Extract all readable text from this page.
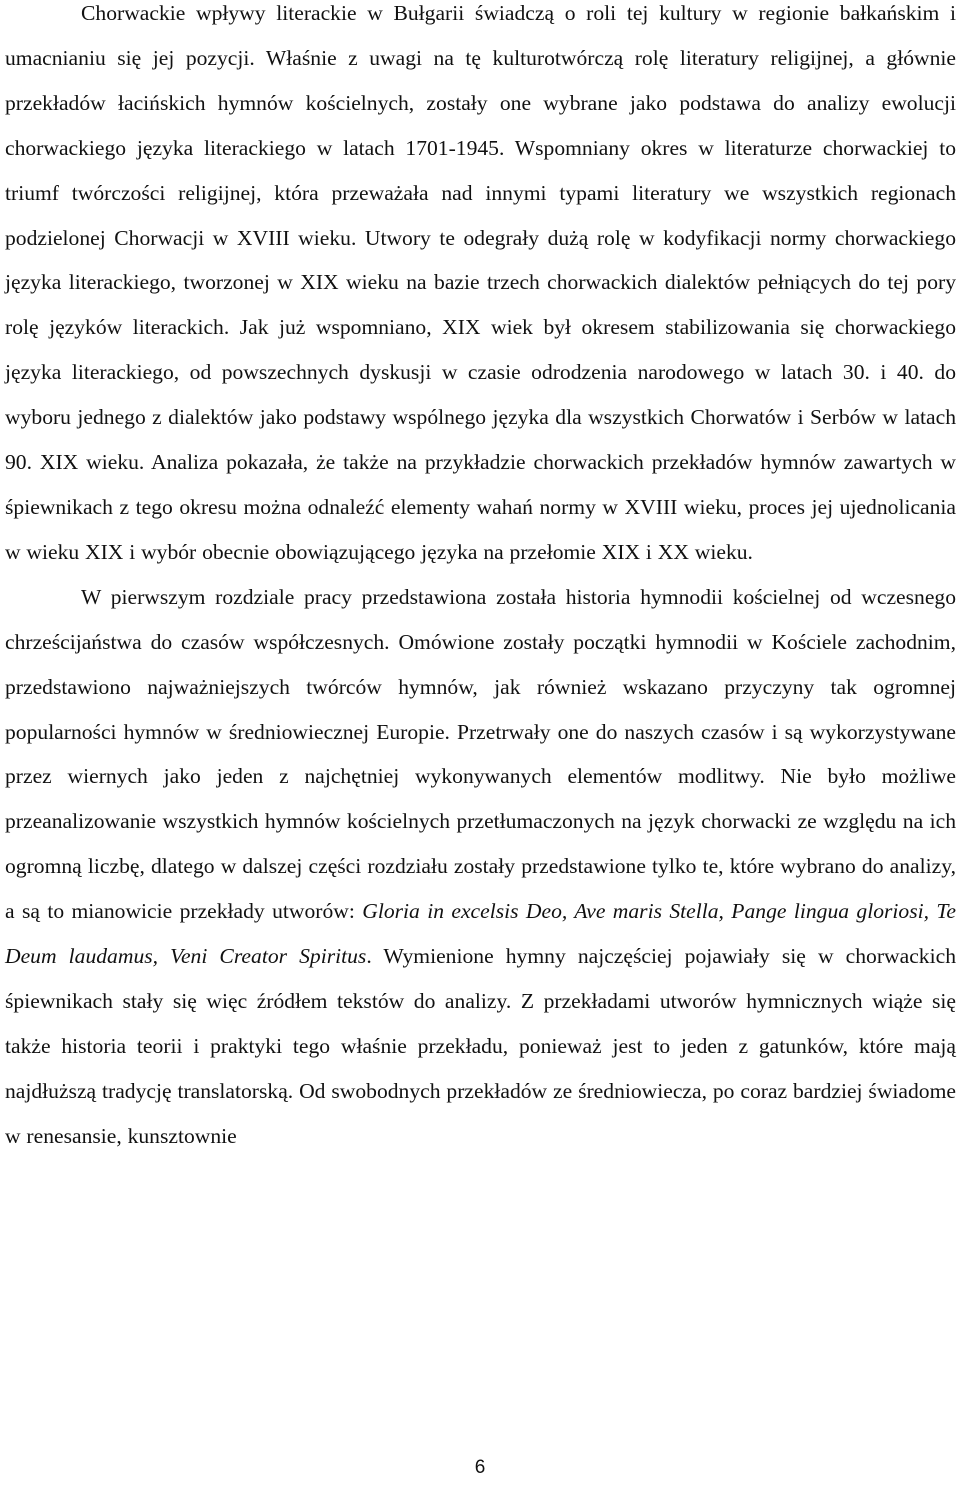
Chorwackie wpływy literackie w Bułgarii świadczą o roli tej kultury w regionie bałkańskim i umacnianiu się jej pozycji. Właśnie z uwagi na tę kulturotwórczą rolę literatury religijnej, a głównie przekładów łacińskich hymnów kościelnych, zostały one wybrane jako podstawa do analizy ewolucji chorwackiego języka literackiego w latach 1701-1945. Wspomniany okres w literaturze chorwackiej to triumf twórczości religijnej, która przeważała nad innymi typami literatury we wszystkich regionach podzielonej Chorwacji w XVIII wieku. Utwory te odegrały dużą rolę w kodyfikacji normy chorwackiego języka literackiego, tworzonej w XIX wieku na bazie trzech chorwackich dialektów pełniących do tej pory rolę języków literackich. Jak już wspomniano, XIX wiek był okresem stabilizowania się chorwackiego języka literackiego, od powszechnych dyskusji w czasie odrodzenia narodowego w latach 30. i 40. do wyboru jednego z dialektów jako podstawy wspólnego języka dla wszystkich Chorwatów i Serbów w latach 90. XIX wieku. Analiza pokazała, że także na przykładzie chorwackich przekładów hymnów zawartych w śpiewnikach z tego okresu można odnaleźć elementy wahań normy w XVIII wieku, proces jej ujednolicania w wieku XIX i wybór obecnie obowiązującego języka na przełomie XIX i XX wieku.

W pierwszym rozdziale pracy przedstawiona została historia hymnodii kościelnej od wczesnego chrześcijaństwa do czasów współczesnych. Omówione zostały początki hymnodii w Kościele zachodnim, przedstawiono najważniejszych twórców hymnów, jak również wskazano przyczyny tak ogromnej popularności hymnów w średniowiecznej Europie. Przetrwały one do naszych czasów i są wykorzystywane przez wiernych jako jeden z najchętniej wykonywanych elementów modlitwy. Nie było możliwe przeanalizowanie wszystkich hymnów kościelnych przetłumaczonych na język chorwacki ze względu na ich ogromną liczbę, dlatego w dalszej części rozdziału zostały przedstawione tylko te, które wybrano do analizy, a są to mianowicie przekłady utworów: Gloria in excelsis Deo, Ave maris Stella, Pange lingua gloriosi, Te Deum laudamus, Veni Creator Spiritus. Wymienione hymny najczęściej pojawiały się w chorwackich śpiewnikach stały się więc źródłem tekstów do analizy. Z przekładami utworów hymnicznych wiąże się także historia teorii i praktyki tego właśnie przekładu, ponieważ jest to jeden z gatunków, które mają najdłuższą tradycję translatorską. Od swobodnych przekładów ze średniowiecza, po coraz bardziej świadome w renesansie, kunsztownie

6
